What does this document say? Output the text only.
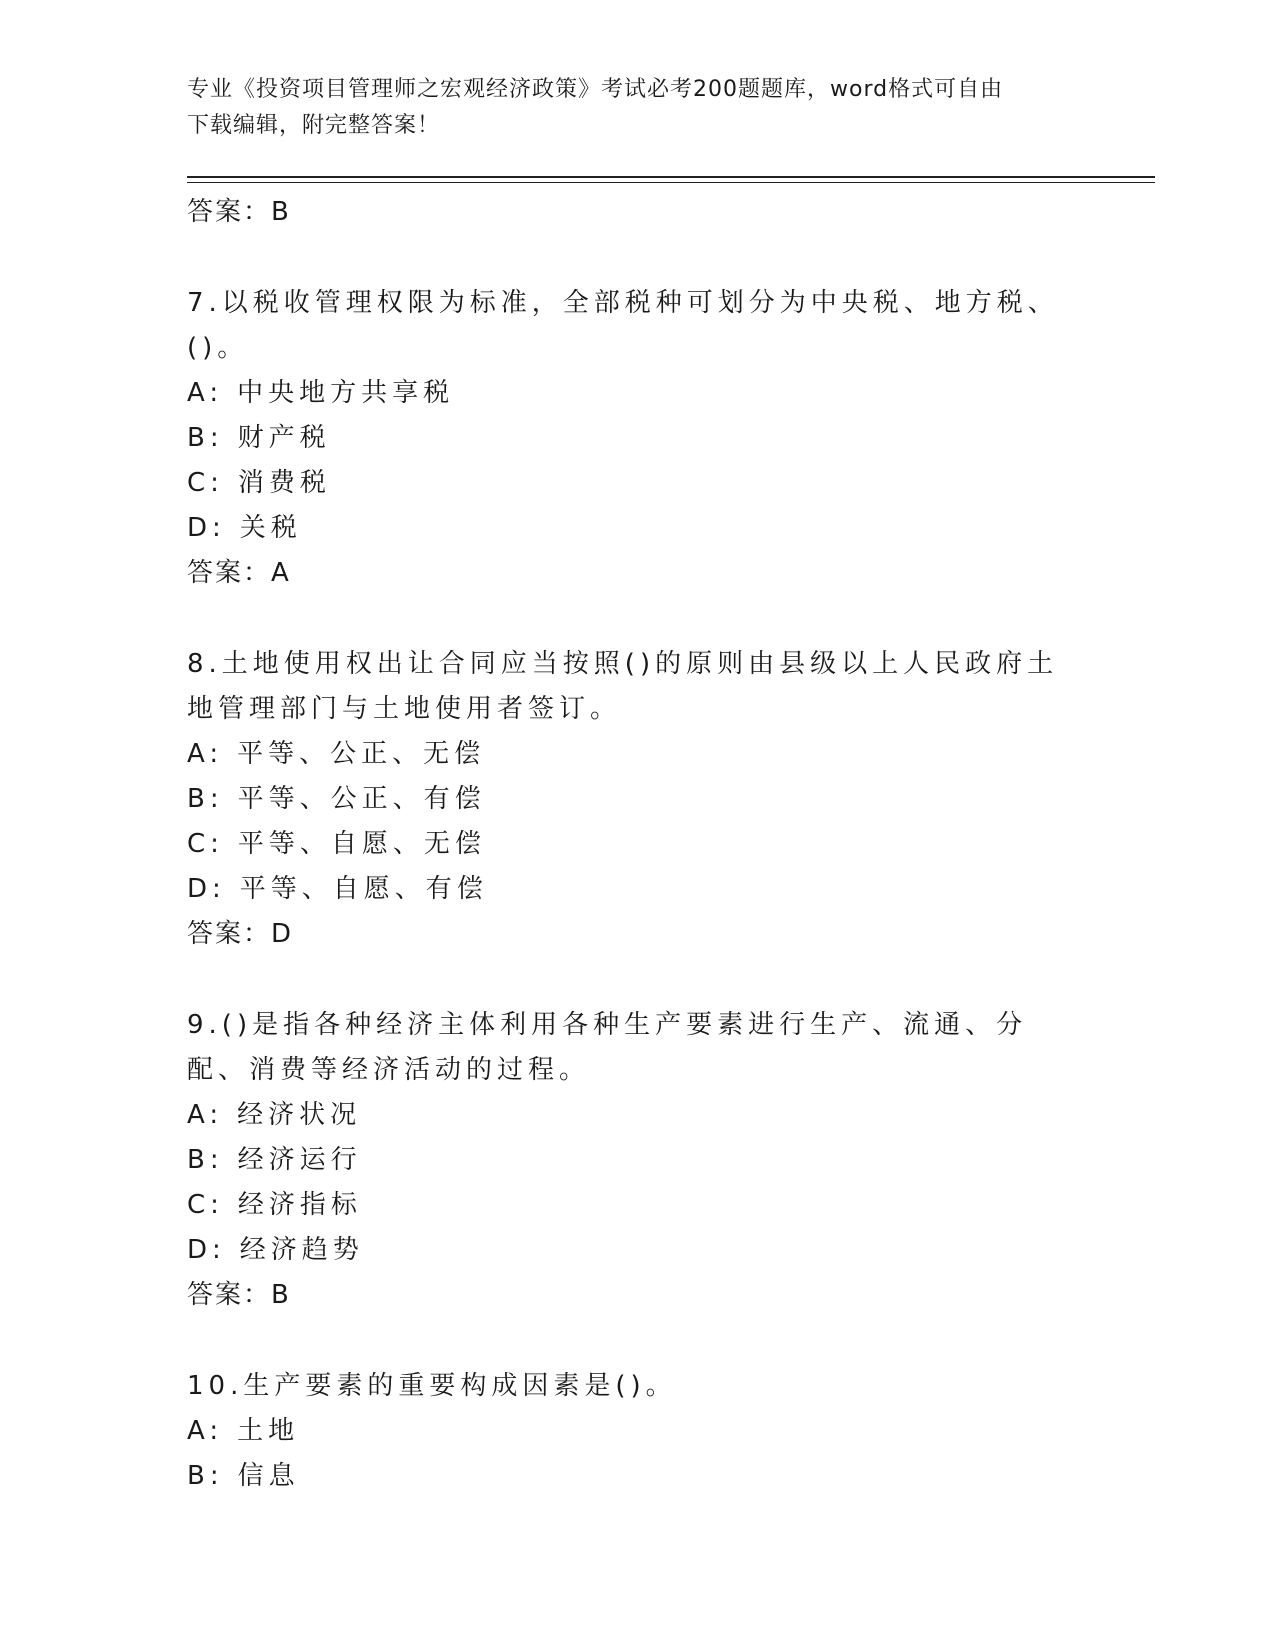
专业《投资项目管理师之宏观经济政策》考试必考200题题库，word格式可自由
下载编辑，附完整答案！
答案：B
7.以税收管理权限为标准，全部税种可划分为中央税、地方税、()。
A: 中央地方共享税
B: 财产税
C: 消费税
D: 关税
答案：A
8.土地使用权出让合同应当按照()的原则由县级以上人民政府土地管理部门与土地使用者签订。
A: 平等、公正、无偿
B: 平等、公正、有偿
C: 平等、自愿、无偿
D: 平等、自愿、有偿
答案：D
9.()是指各种经济主体利用各种生产要素进行生产、流通、分配、消费等经济活动的过程。
A: 经济状况
B: 经济运行
C: 经济指标
D: 经济趋势
答案：B
10.生产要素的重要构成因素是()。
A: 土地
B: 信息
